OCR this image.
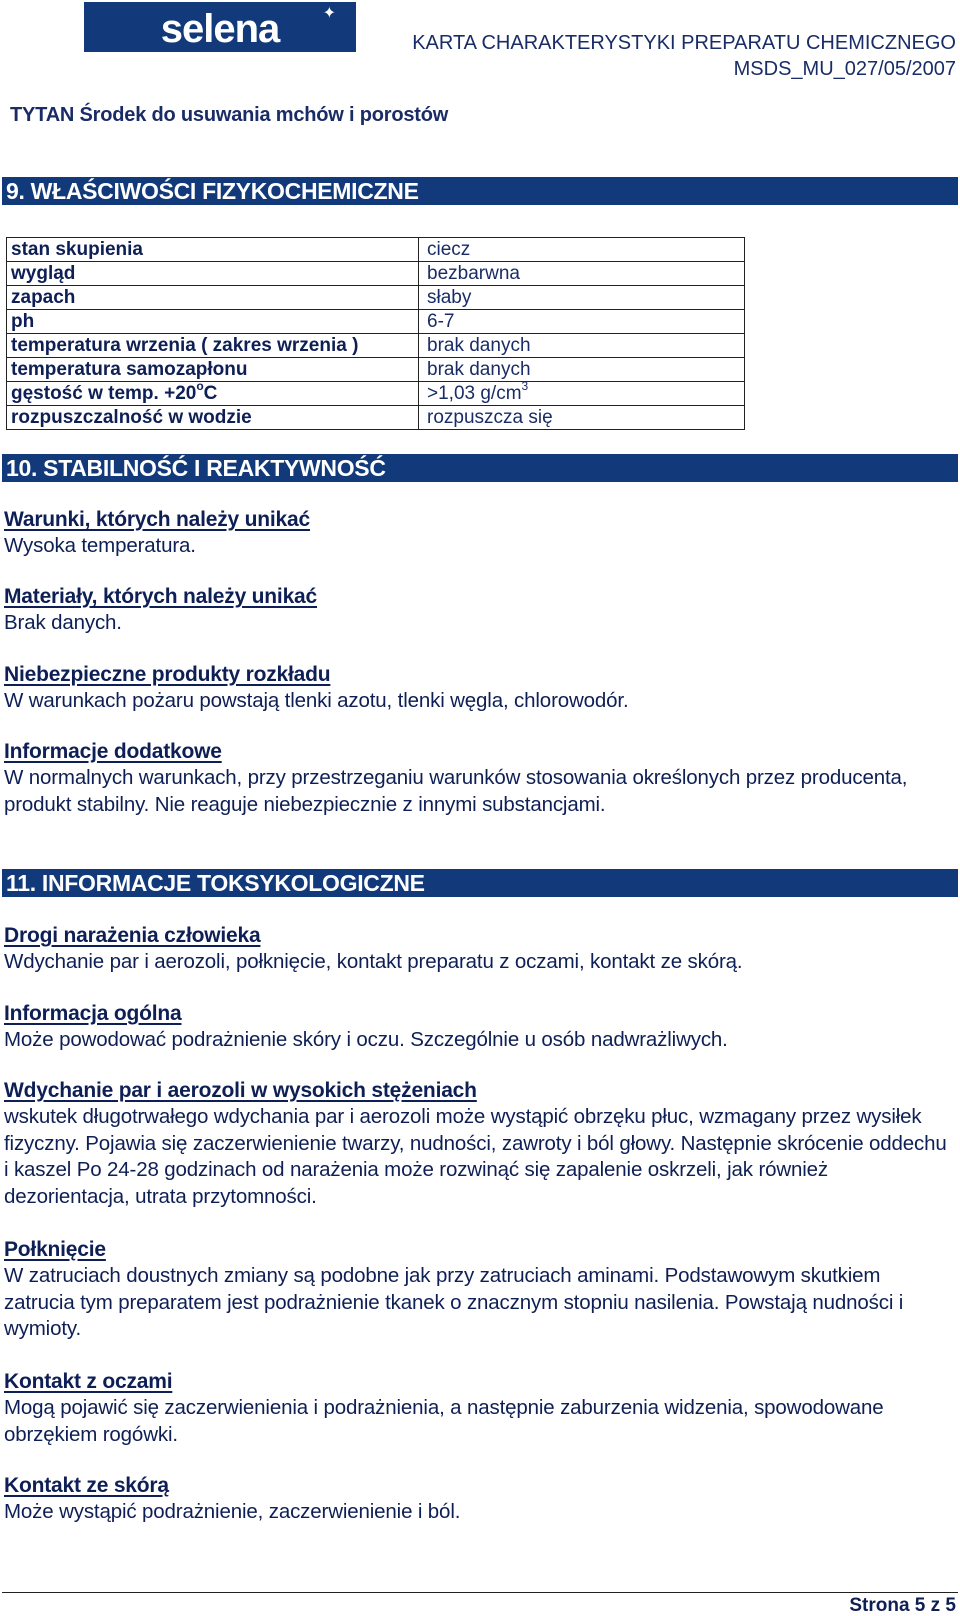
selena	✦
KARTA CHARAKTERYSTYKI PREPARATU CHEMICZNEGO
MSDS_MU_027/05/2007
TYTAN Środek do usuwania mchów i porostów
9. WŁAŚCIWOŚCI FIZYKOCHEMICZNE
stan skupienia	ciecz
wygląd	bezbarwna
zapach	słaby
ph	6-7
temperatura wrzenia ( zakres wrzenia )	brak danych
temperatura samozapłonu	brak danych
gęstość w temp. $+20^oC$	>1,03 $g/cm^3$
rozpuszczalność w wodzie	rozpuszcza się
10. STABILNOŚĆ I REAKTYWNOŚĆ
Warunki, których należy unikać
Wysoka temperatura.
Materiały, których należy unikać
Brak danych.
Niebezpieczne produkty rozkładu
W warunkach pożaru powstają tlenki azotu, tlenki węgla, chlorowodór.
Informacje dodatkowe
W normalnych warunkach, przy przestrzeganiu warunków stosowania określonych przez producenta, produkt stabilny. Nie reaguje niebezpiecznie z innymi substancjami.
11. INFORMACJE TOKSYKOLOGICZNE
Drogi narażenia człowieka
Wdychanie par i aerozoli, połknięcie, kontakt preparatu z oczami, kontakt ze skórą.
Informacja ogólna
Może powodować podrażnienie skóry i oczu. Szczególnie u osób nadwrażliwych.
Wdychanie par i aerozoli w wysokich stężeniach
wskutek długotrwałego wdychania par i aerozoli może wystąpić obrzęku płuc, wzmagany przez wysiłek fizyczny. Pojawia się zaczerwienienie twarzy, nudności, zawroty i ból głowy. Następnie skrócenie oddechu i kaszel Po 24-28 godzinach od narażenia może rozwinąć się zapalenie oskrzeli, jak również dezorientacja, utrata przytomności.
Połknięcie
W zatruciach doustnych zmiany są podobne jak przy zatruciach aminami. Podstawowym skutkiem zatrucia tym preparatem jest podrażnienie tkanek o znacznym stopniu nasilenia. Powstają nudności i wymioty.
Kontakt z oczami
Mogą pojawić się zaczerwienienia i podrażnienia, a następnie zaburzenia widzenia, spowodowane obrzękiem rogówki.
Kontakt ze skórą
Może wystąpić podrażnienie, zaczerwienienie i ból.
Strona 5 z 5
